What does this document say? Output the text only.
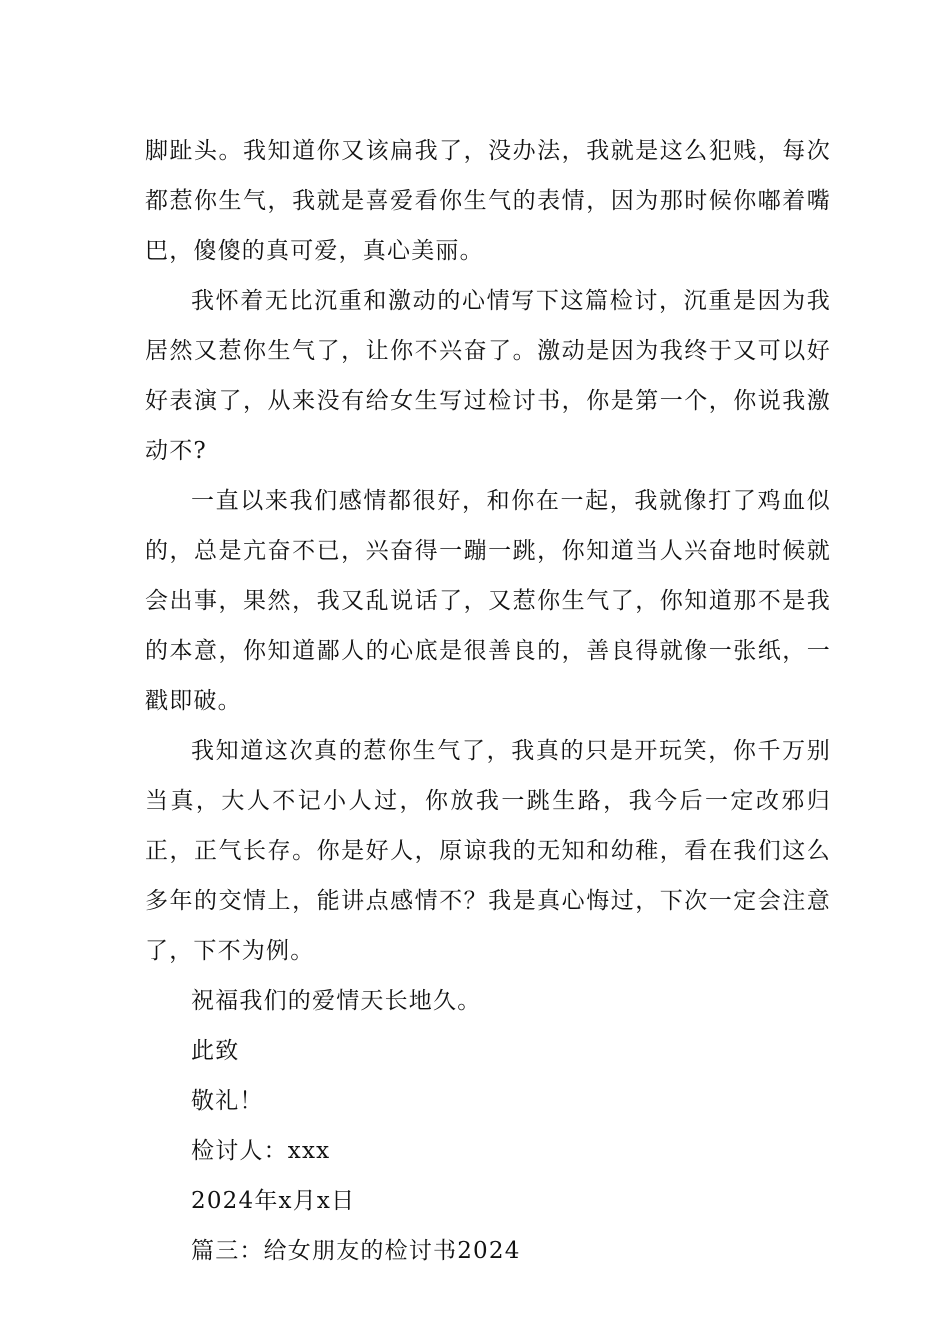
脚趾头。我知道你又该扁我了，没办法，我就是这么犯贱，每次都惹你生气，我就是喜爱看你生气的表情，因为那时候你嘟着嘴巴，傻傻的真可爱，真心美丽。

我怀着无比沉重和激动的心情写下这篇检讨，沉重是因为我居然又惹你生气了，让你不兴奋了。激动是因为我终于又可以好好表演了，从来没有给女生写过检讨书，你是第一个，你说我激动不?

一直以来我们感情都很好，和你在一起，我就像打了鸡血似的，总是亢奋不已，兴奋得一蹦一跳，你知道当人兴奋地时候就会出事，果然，我又乱说话了，又惹你生气了，你知道那不是我的本意，你知道鄙人的心底是很善良的，善良得就像一张纸，一戳即破。

我知道这次真的惹你生气了，我真的只是开玩笑，你千万别当真，大人不记小人过，你放我一跳生路，我今后一定改邪归正，正气长存。你是好人，原谅我的无知和幼稚，看在我们这么多年的交情上，能讲点感情不？我是真心悔过，下次一定会注意了，下不为例。

祝福我们的爱情天长地久。

此致

敬礼！

检讨人：xxx

2024年x月x日

篇三：给女朋友的检讨书2024
